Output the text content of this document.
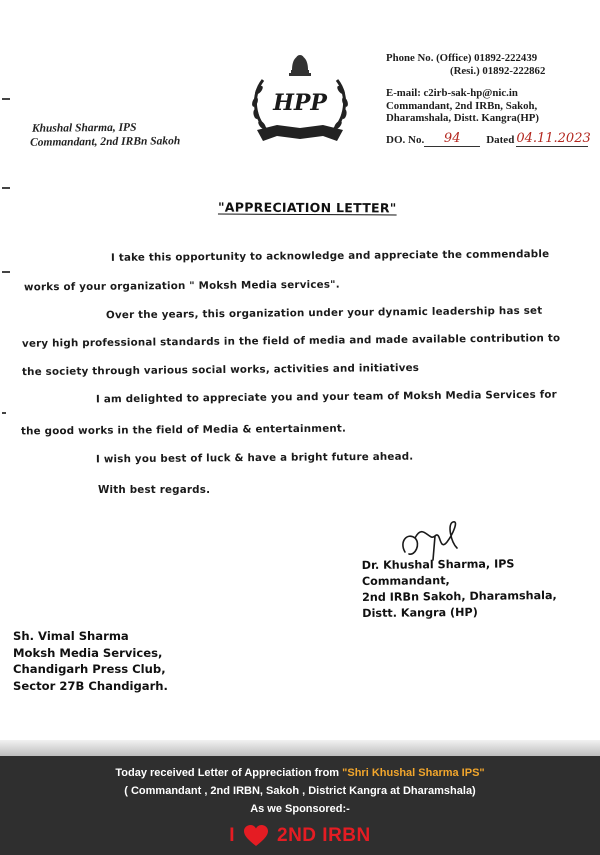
Khushal Sharma, IPS
Commandant, 2nd IRBn Sakoh
HPP
Phone No. (Office) 01892-222439
(Resi.) 01892-222862
E-mail: c2irb-sak-hp@nic.in
Commandant, 2nd IRBn, Sakoh,
Dharamshala, Distt. Kangra(HP)
DO. No.	94	Dated 04.11.2023
"APPRECIATION LETTER"
I take this opportunity to acknowledge and appreciate the commendable
works of your organization " Moksh Media services".
Over the years, this organization under your dynamic leadership has set
very high professional standards in the field of media and made available contribution to
the society through various social works, activities and initiatives
I am delighted to appreciate you and your team of Moksh Media Services for
the good works in the field of Media & entertainment.
I wish you best of luck & have a bright future ahead.
With best regards.
Dr. Khushal Sharma, IPS
Commandant,
2nd IRBn Sakoh, Dharamshala,
Distt. Kangra (HP)
Sh. Vimal Sharma
Moksh Media Services,
Chandigarh Press Club,
Sector 27B Chandigarh.
Today received Letter of Appreciation from "Shri Khushal Sharma IPS"
( Commandant , 2nd IRBN, Sakoh , District Kangra at Dharamshala)
As we Sponsored:-
I 2ND IRBN
